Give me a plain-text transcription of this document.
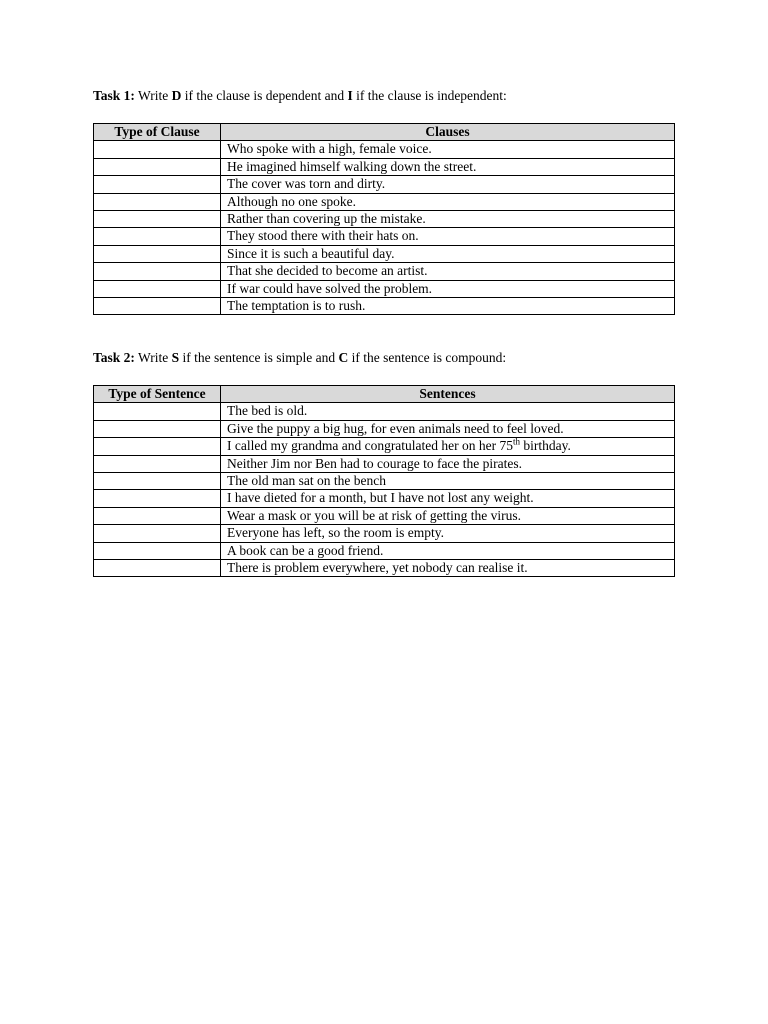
Task 1: Write D if the clause is dependent and I if the clause is independent:
Type of Clause	Clauses
	Who spoke with a high, female voice.
	He imagined himself walking down the street.
	The cover was torn and dirty.
	Although no one spoke.
	Rather than covering up the mistake.
	They stood there with their hats on.
	Since it is such a beautiful day.
	That she decided to become an artist.
	If war could have solved the problem.
	The temptation is to rush.
Task 2: Write S if the sentence is simple and C if the sentence is compound:
Type of Sentence	Sentences
	The bed is old.
	Give the puppy a big hug, for even animals need to feel loved.
	I called my grandma and congratulated her on her 75th birthday.
	Neither Jim nor Ben had to courage to face the pirates.
	The old man sat on the bench
	I have dieted for a month, but I have not lost any weight.
	Wear a mask or you will be at risk of getting the virus.
	Everyone has left, so the room is empty.
	A book can be a good friend.
	There is problem everywhere, yet nobody can realise it.
